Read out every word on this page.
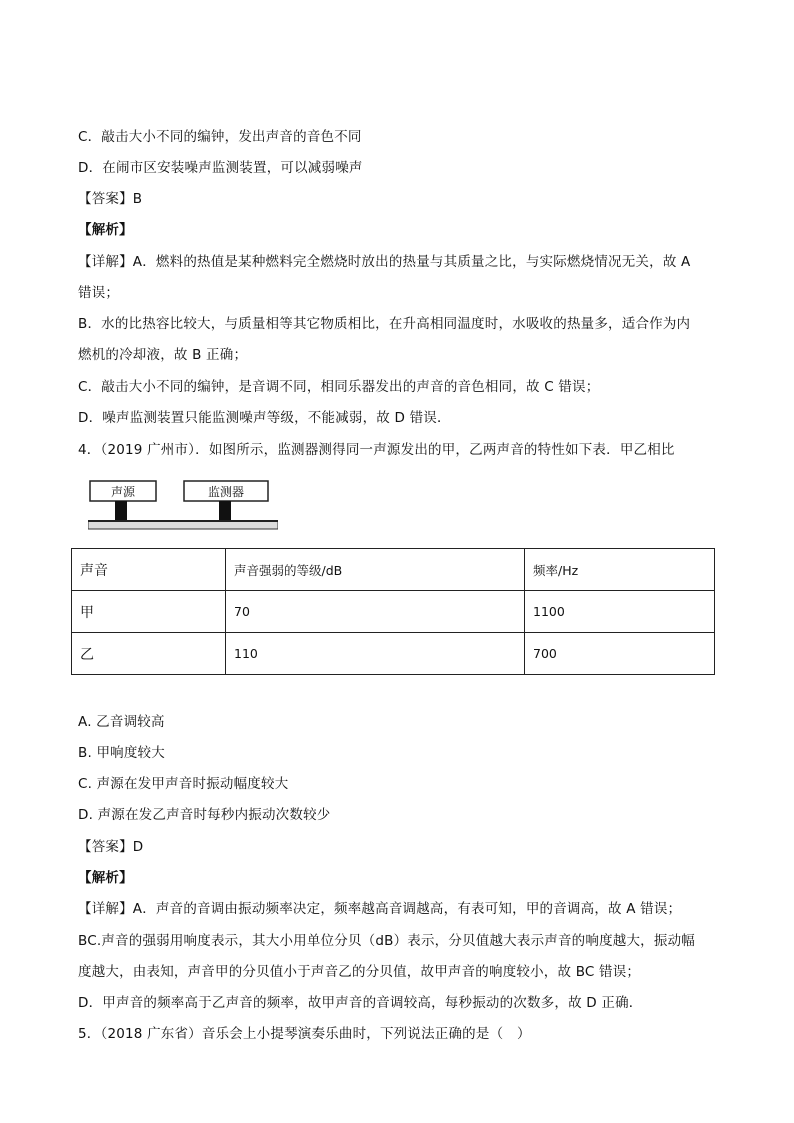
C．敲击大小不同的编钟，发出声音的音色不同
D．在闹市区安装噪声监测装置，可以减弱噪声
【答案】B
【解析】
【详解】A．燃料的热值是某种燃料完全燃烧时放出的热量与其质量之比，与实际燃烧情况无关，故 A
错误；
B．水的比热容比较大，与质量相等其它物质相比，在升高相同温度时，水吸收的热量多，适合作为内
燃机的冷却液，故 B 正确；
C．敲击大小不同的编钟，是音调不同，相同乐器发出的声音的音色相同，故 C 错误；
D．噪声监测装置只能监测噪声等级，不能减弱，故 D 错误．
4．（2019 广州市）．如图所示，监测器测得同一声源发出的甲，乙两声音的特性如下表．甲乙相比
声源	监测器
声音	声音强弱的等级/dB	频率/Hz
甲	70	1100
乙	110	700
A. 乙音调较高
B. 甲响度较大
C. 声源在发甲声音时振动幅度较大
D. 声源在发乙声音时每秒内振动次数较少
【答案】D
【解析】
【详解】A．声音的音调由振动频率决定，频率越高音调越高，有表可知，甲的音调高，故 A 错误；
BC.声音的强弱用响度表示，其大小用单位分贝（dB）表示，分贝值越大表示声音的响度越大，振动幅
度越大，由表知，声音甲的分贝值小于声音乙的分贝值，故甲声音的响度较小，故 BC 错误；
D．甲声音的频率高于乙声音的频率，故甲声音的音调较高，每秒振动的次数多，故 D 正确．
5．（2018 广东省）音乐会上小提琴演奏乐曲时，下列说法正确的是（　）
